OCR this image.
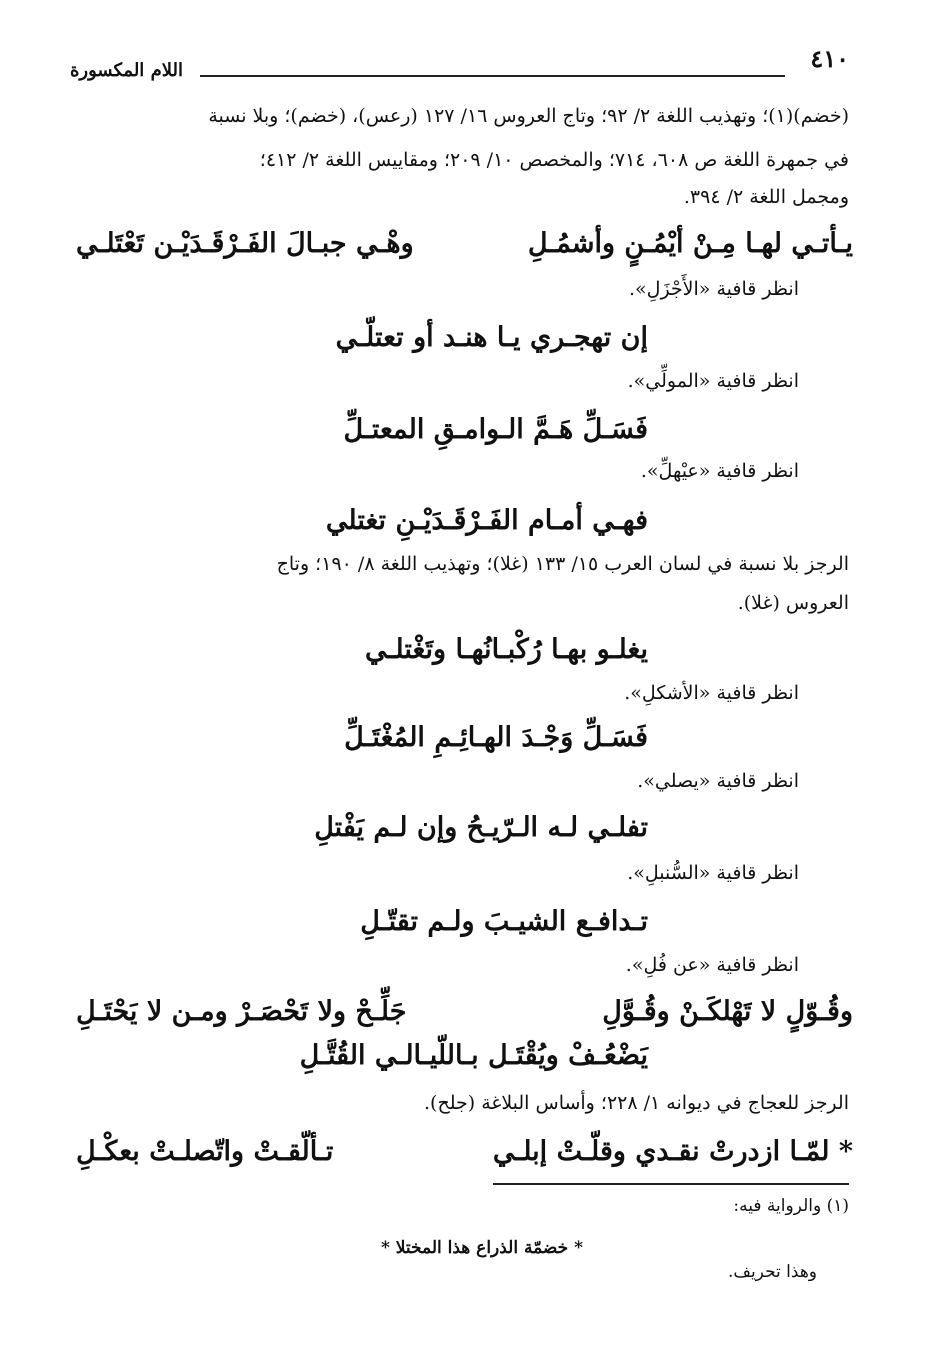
٤١٠
اللام المكسورة
(خضم)(١)؛ وتهذيب اللغة ٢/ ٩٢؛ وتاج العروس ١٦/ ١٢٧ (رعس)، (خضم)؛ وبلا نسبة
في جمهرة اللغة ص ٦٠٨، ٧١٤؛ والمخصص ١٠/ ٢٠٩؛ ومقاييس اللغة ٢/ ٤١٢؛
ومجمل اللغة ٢/ ٣٩٤.
يـأتـي لهـا مِـنْ أيْمُـنٍ وأشمُـلِ
وهْـي جبـالَ الفَـرْقَـدَيْـن تَعْتَلـي
انظر قافية «الأَجْزَلِ».
إن تهجـري يـا هنـد أو تعتلّـي
انظر قافية «المولِّي».
فَسَـلِّ هَـمَّ الـوامـقِ المعتـلِّ
انظر قافية «عيْهلِّ».
فهـي أمـام الفَـرْقَـدَيْـنِ تغتلي
الرجز بلا نسبة في لسان العرب ١٥/ ١٣٣ (غلا)؛ وتهذيب اللغة ٨/ ١٩٠؛ وتاج
العروس (غلا).
يغلـو بهـا رُكْبـانُهـا وتَغْتلـي
انظر قافية «الأشكلِ».
فَسَـلِّ وَجْـدَ الهـائِـمِ المُغْتَـلِّ
انظر قافية «يصلي».
تفلـي لـه الـرّيـحُ وإن لـم يَفْتلِ
انظر قافية «السُّنبلِ».
تـدافـع الشيـبَ ولـم تقتّـلِ
انظر قافية «عن فُلِ».
وقُـوّلٍ لا تَهْلكَـنْ وقُـوَّلِ
جَلِّـحْ ولا تَحْصَـرْ ومـن لا يَحْتَـلِ
يَضْعُـفْ ويُقْتَـل بـاللّيـالـي القُتَّـلِ
الرجز للعجاج في ديوانه ١/ ٢٢٨؛ وأساس البلاغة (جلح).
* لمّـا ازدرتْ نقـدي وقلّـتْ إبلـي
تـألّقـتْ واتّصلـتْ بعكْـلِ
(١) والرواية فيه:
* خضمّة الذراع هذا المختلا *
وهذا تحريف.
